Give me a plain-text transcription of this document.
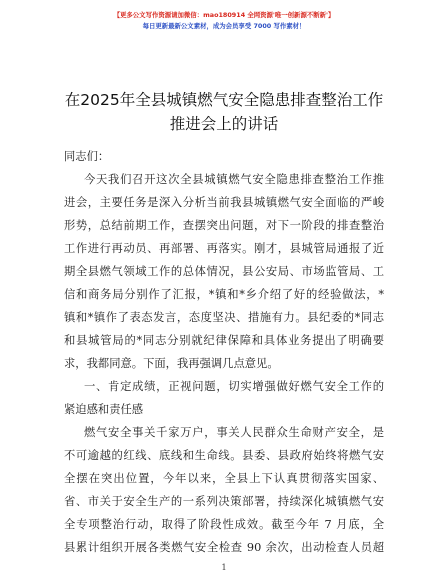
【更多公文写作资源请加微信：mao180914 全网资源'唯一创新源不断新'】
每日更新最新公文素材，成为会员享受 7000 写作素材！
在2025年全县城镇燃气安全隐患排查整治工作
推进会上的讲话
同志们：
今天我们召开这次全县城镇燃气安全隐患排查整治工作推
进会，主要任务是深入分析当前我县城镇燃气安全面临的严峻
形势，总结前期工作，查摆突出问题，对下一阶段的排查整治
工作进行再动员、再部署、再落实。刚才，县城管局通报了近
期全县燃气领域工作的总体情况，县公安局、市场监管局、工
信和商务局分别作了汇报，*镇和*乡介绍了好的经验做法，*
镇和*镇作了表态发言，态度坚决、措施有力。县纪委的*同志
和县城管局的*同志分别就纪律保障和具体业务提出了明确要
求，我都同意。下面，我再强调几点意见。
一、肯定成绩，正视问题，切实增强做好燃气安全工作的
紧迫感和责任感
燃气安全事关千家万户，事关人民群众生命财产安全，是
不可逾越的红线、底线和生命线。县委、县政府始终将燃气安
全摆在突出位置，今年以来，全县上下认真贯彻落实国家、
省、市关于安全生产的一系列决策部署，持续深化城镇燃气安
全专项整治行动，取得了阶段性成效。截至今年 7 月底，全
县累计组织开展各类燃气安全检查 90 余次，出动检查人员超
1
